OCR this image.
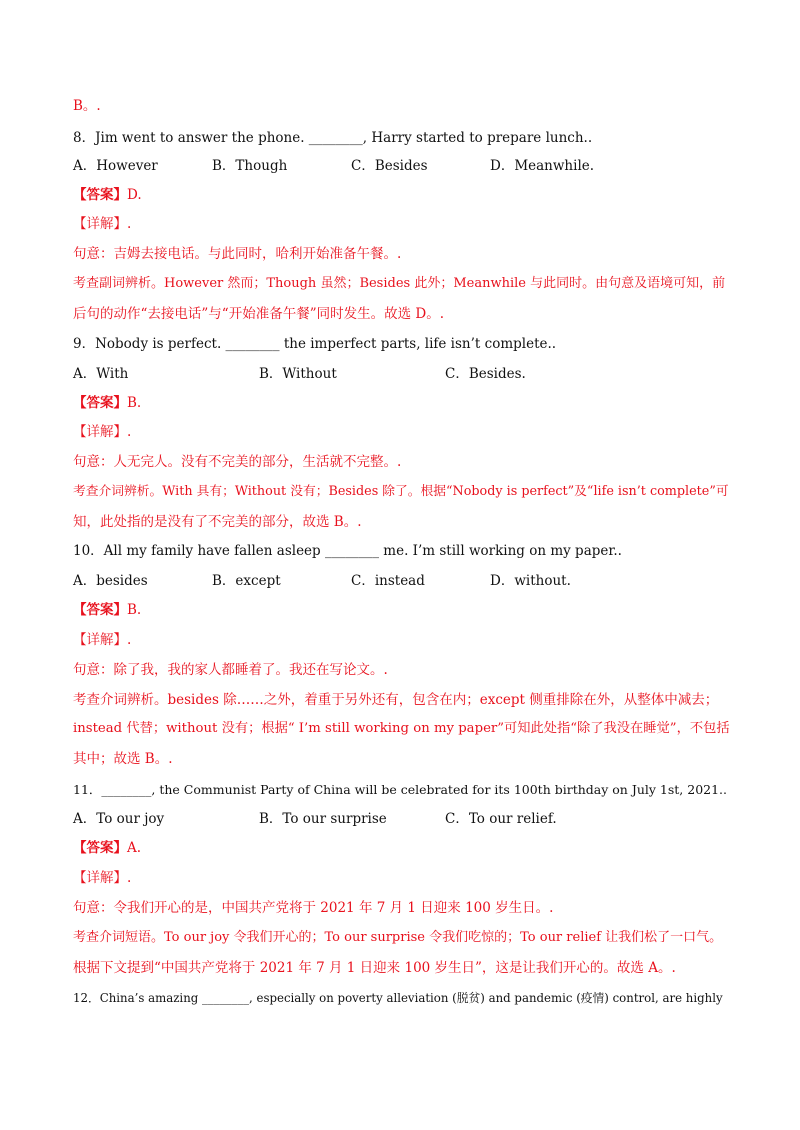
B。.
8．Jim went to answer the phone. ________, Harry started to prepare lunch..
A．However	B．Though	C．Besides	D．Meanwhile.
【答案】D.
【详解】.
句意：吉姆去接电话。与此同时，哈利开始准备午餐。.
考查副词辨析。However 然而；Though 虽然；Besides 此外；Meanwhile 与此同时。由句意及语境可知，前
后句的动作“去接电话”与“开始准备午餐”同时发生。故选 D。.
9．Nobody is perfect. ________ the imperfect parts, life isn’t complete..
A．With	B．Without	C．Besides.
【答案】B.
【详解】.
句意：人无完人。没有不完美的部分，生活就不完整。.
考查介词辨析。With 具有；Without 没有；Besides 除了。根据“Nobody is perfect”及“life isn’t complete”可
知，此处指的是没有了不完美的部分，故选 B。.
10．All my family have fallen asleep ________ me. I’m still working on my paper..
A．besides	B．except	C．instead	D．without.
【答案】B.
【详解】.
句意：除了我，我的家人都睡着了。我还在写论文。.
考查介词辨析。besides 除……之外，着重于另外还有，包含在内；except 侧重排除在外，从整体中减去；
instead 代替；without 没有；根据“ I’m still working on my paper”可知此处指“除了我没在睡觉”，不包括
其中；故选 B。.
11．________, the Communist Party of China will be celebrated for its 100th birthday on July 1st, 2021..
A．To our joy	B．To our surprise	C．To our relief.
【答案】A.
【详解】.
句意：令我们开心的是，中国共产党将于 2021 年 7 月 1 日迎来 100 岁生日。.
考查介词短语。To our joy 令我们开心的；To our surprise 令我们吃惊的；To our relief 让我们松了一口气。
根据下文提到“中国共产党将于 2021 年 7 月 1 日迎来 100 岁生日”，这是让我们开心的。故选 A。.
12．China’s amazing ________, especially on poverty alleviation (脱贫) and pandemic (疫情) control, are highly
